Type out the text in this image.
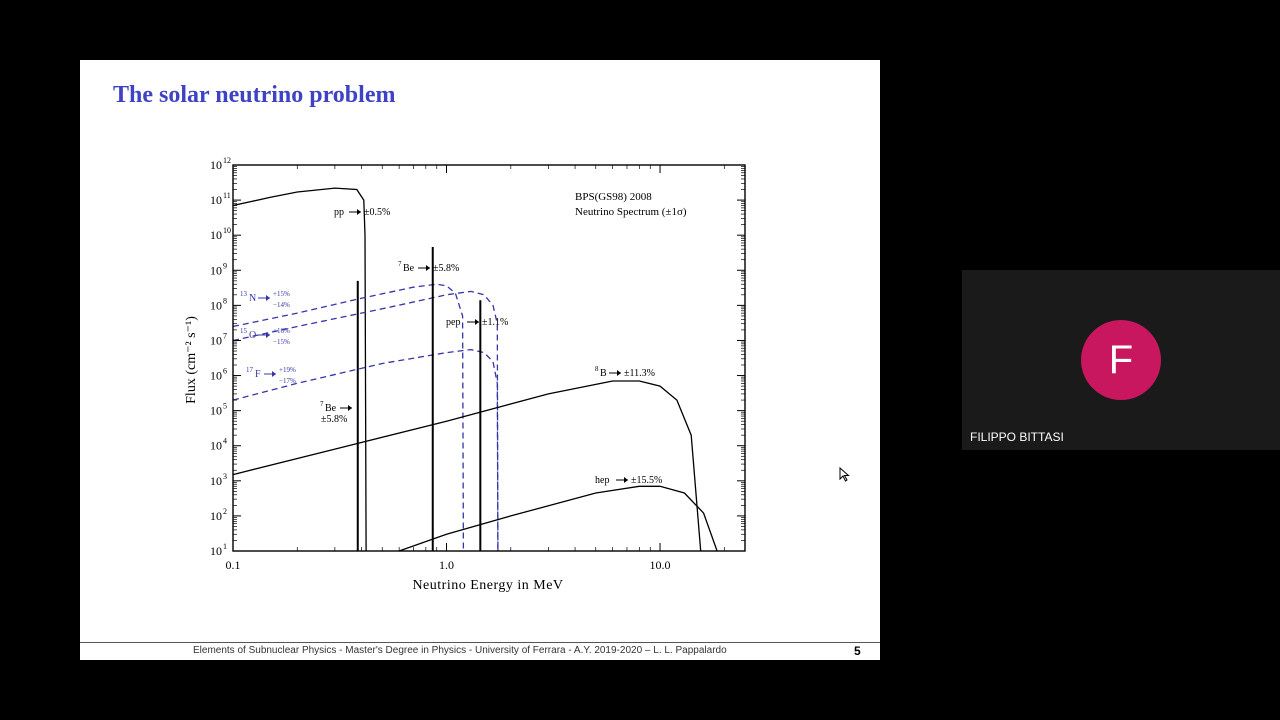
The solar neutrino problem
0.1	1.0	10.0
10 1
10 2
10 3
10 4
10 5
10 6
10 7
10 8
10 9
10 10
10 11
10 12
BPS(GS98) 2008
Neutrino Spectrum (±1σ)
Neutrino Energy in MeV
Flux (cm⁻² s⁻¹)
pp ±0.5%
7 Be ±5.8%
pep ±1.1%
13 N +15%
−14%
15 O +16%
−15%
17 F	+19%
−17%
7 Be
±5.8%
8 B ±11.3%
hep ±15.5%
Elements of Subnuclear Physics - Master's Degree in Physics - University of Ferrara - A.Y. 2019-2020 – L. L. Pappalardo	5
F
FILIPPO BITTASI
